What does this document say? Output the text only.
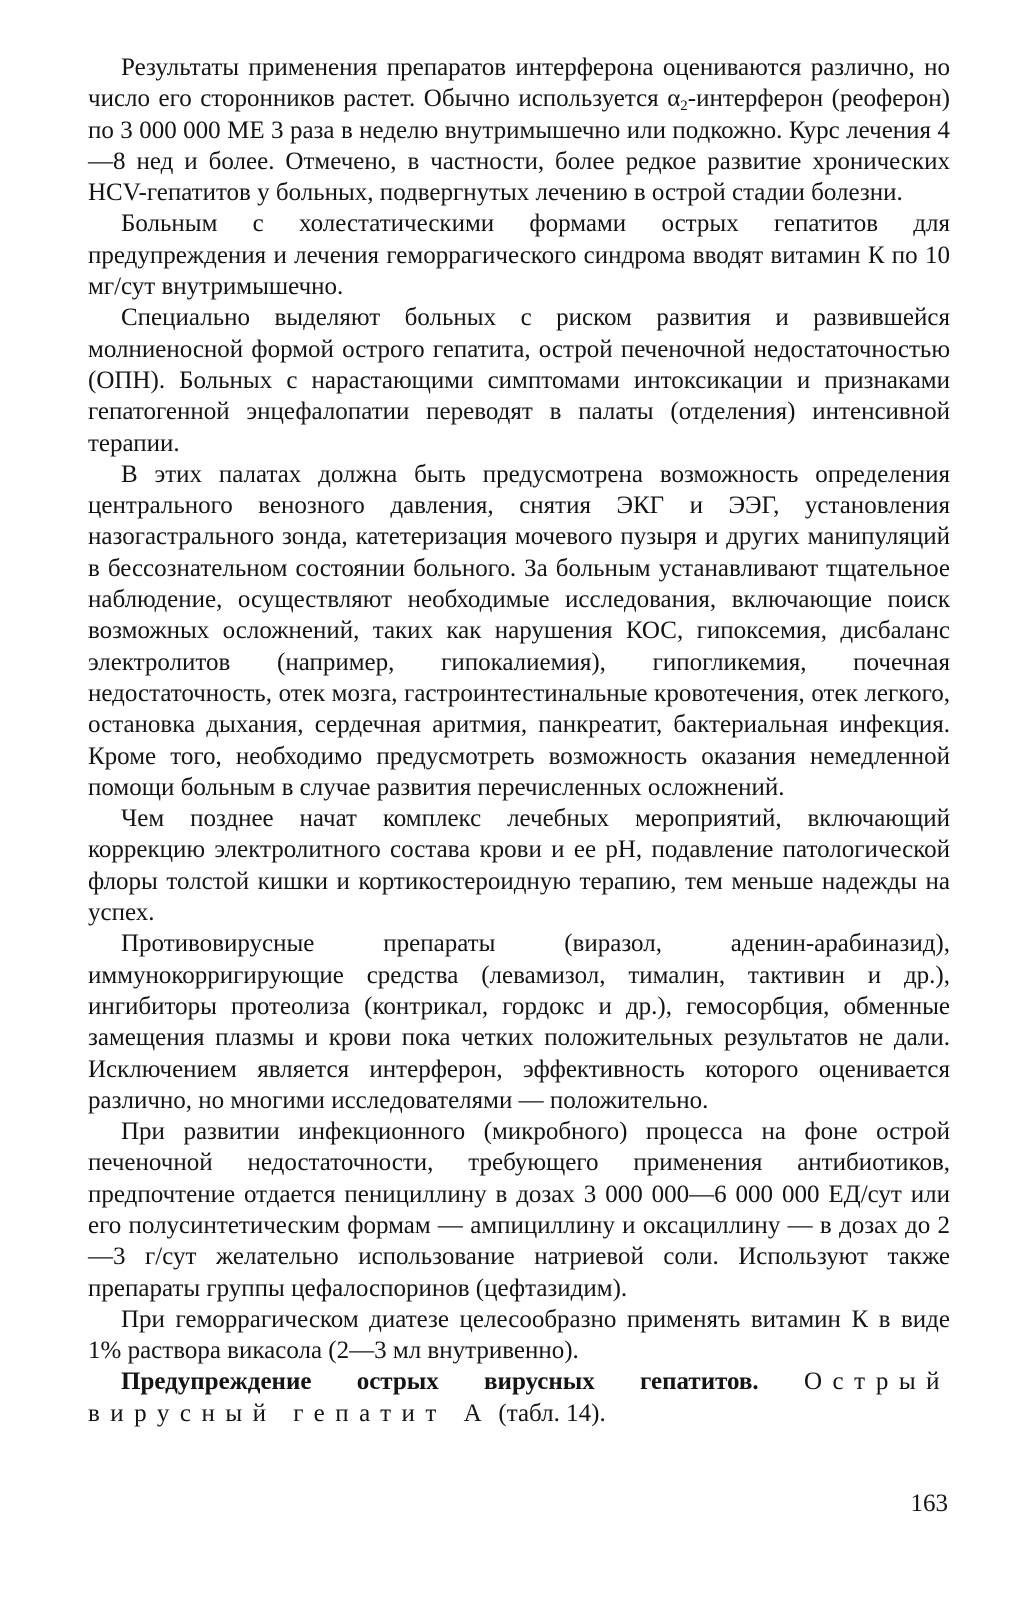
Результаты применения препаратов интерферона оцениваются различно, но число его сторонников растет. Обычно используется $\alpha_2$-интерферон (реоферон) по 3 000 000 МЕ 3 раза в неделю внутримышечно или подкожно. Курс лечения 4—8 нед и более. Отмечено, в частности, более редкое развитие хронических HCV-гепатитов у больных, подвергнутых лечению в острой стадии болезни.

Больным с холестатическими формами острых гепатитов для предупреждения и лечения геморрагического синдрома вводят витамин К по 10 мг/сут внутримышечно.

Специально выделяют больных с риском развития и развившейся молниеносной формой острого гепатита, острой печеночной недостаточностью (ОПН). Больных с нарастающими симптомами интоксикации и признаками гепатогенной энцефалопатии переводят в палаты (отделения) интенсивной терапии.

В этих палатах должна быть предусмотрена возможность определения центрального венозного давления, снятия ЭКГ и ЭЭГ, установления назогастрального зонда, катетеризация мочевого пузыря и других манипуляций в бессознательном состоянии больного. За больным устанавливают тщательное наблюдение, осуществляют необходимые исследования, включающие поиск возможных осложнений, таких как нарушения КОС, гипоксемия, дисбаланс электролитов (например, гипокалиемия), гипогликемия, почечная недостаточность, отек мозга, гастроинтестинальные кровотечения, отек легкого, остановка дыхания, сердечная аритмия, панкреатит, бактериальная инфекция. Кроме того, необходимо предусмотреть возможность оказания немедленной помощи больным в случае развития перечисленных осложнений.

Чем позднее начат комплекс лечебных мероприятий, включающий коррекцию электролитного состава крови и ее pH, подавление патологической флоры толстой кишки и кортикостероидную терапию, тем меньше надежды на успех.

Противовирусные препараты (виразол, аденин-арабиназид), иммунокорригирующие средства (левамизол, тималин, тактивин и др.), ингибиторы протеолиза (контрикал, гордокс и др.), гемосорбция, обменные замещения плазмы и крови пока четких положительных результатов не дали. Исключением является интерферон, эффективность которого оценивается различно, но многими исследователями — положительно.

При развитии инфекционного (микробного) процесса на фоне острой печеночной недостаточности, требующего применения антибиотиков, предпочтение отдается пенициллину в дозах 3 000 000—6 000 000 ЕД/сут или его полусинтетическим формам — ампициллину и оксациллину — в дозах до 2—3 г/сут желательно использование натриевой соли. Используют также препараты группы цефалоспоринов (цефтазидим).

При геморрагическом диатезе целесообразно применять витамин К в виде 1% раствора викасола (2—3 мл внутривенно).

Предупреждение острых вирусных гепатитов. Острый вирусный гепатит А (табл. 14).

163
